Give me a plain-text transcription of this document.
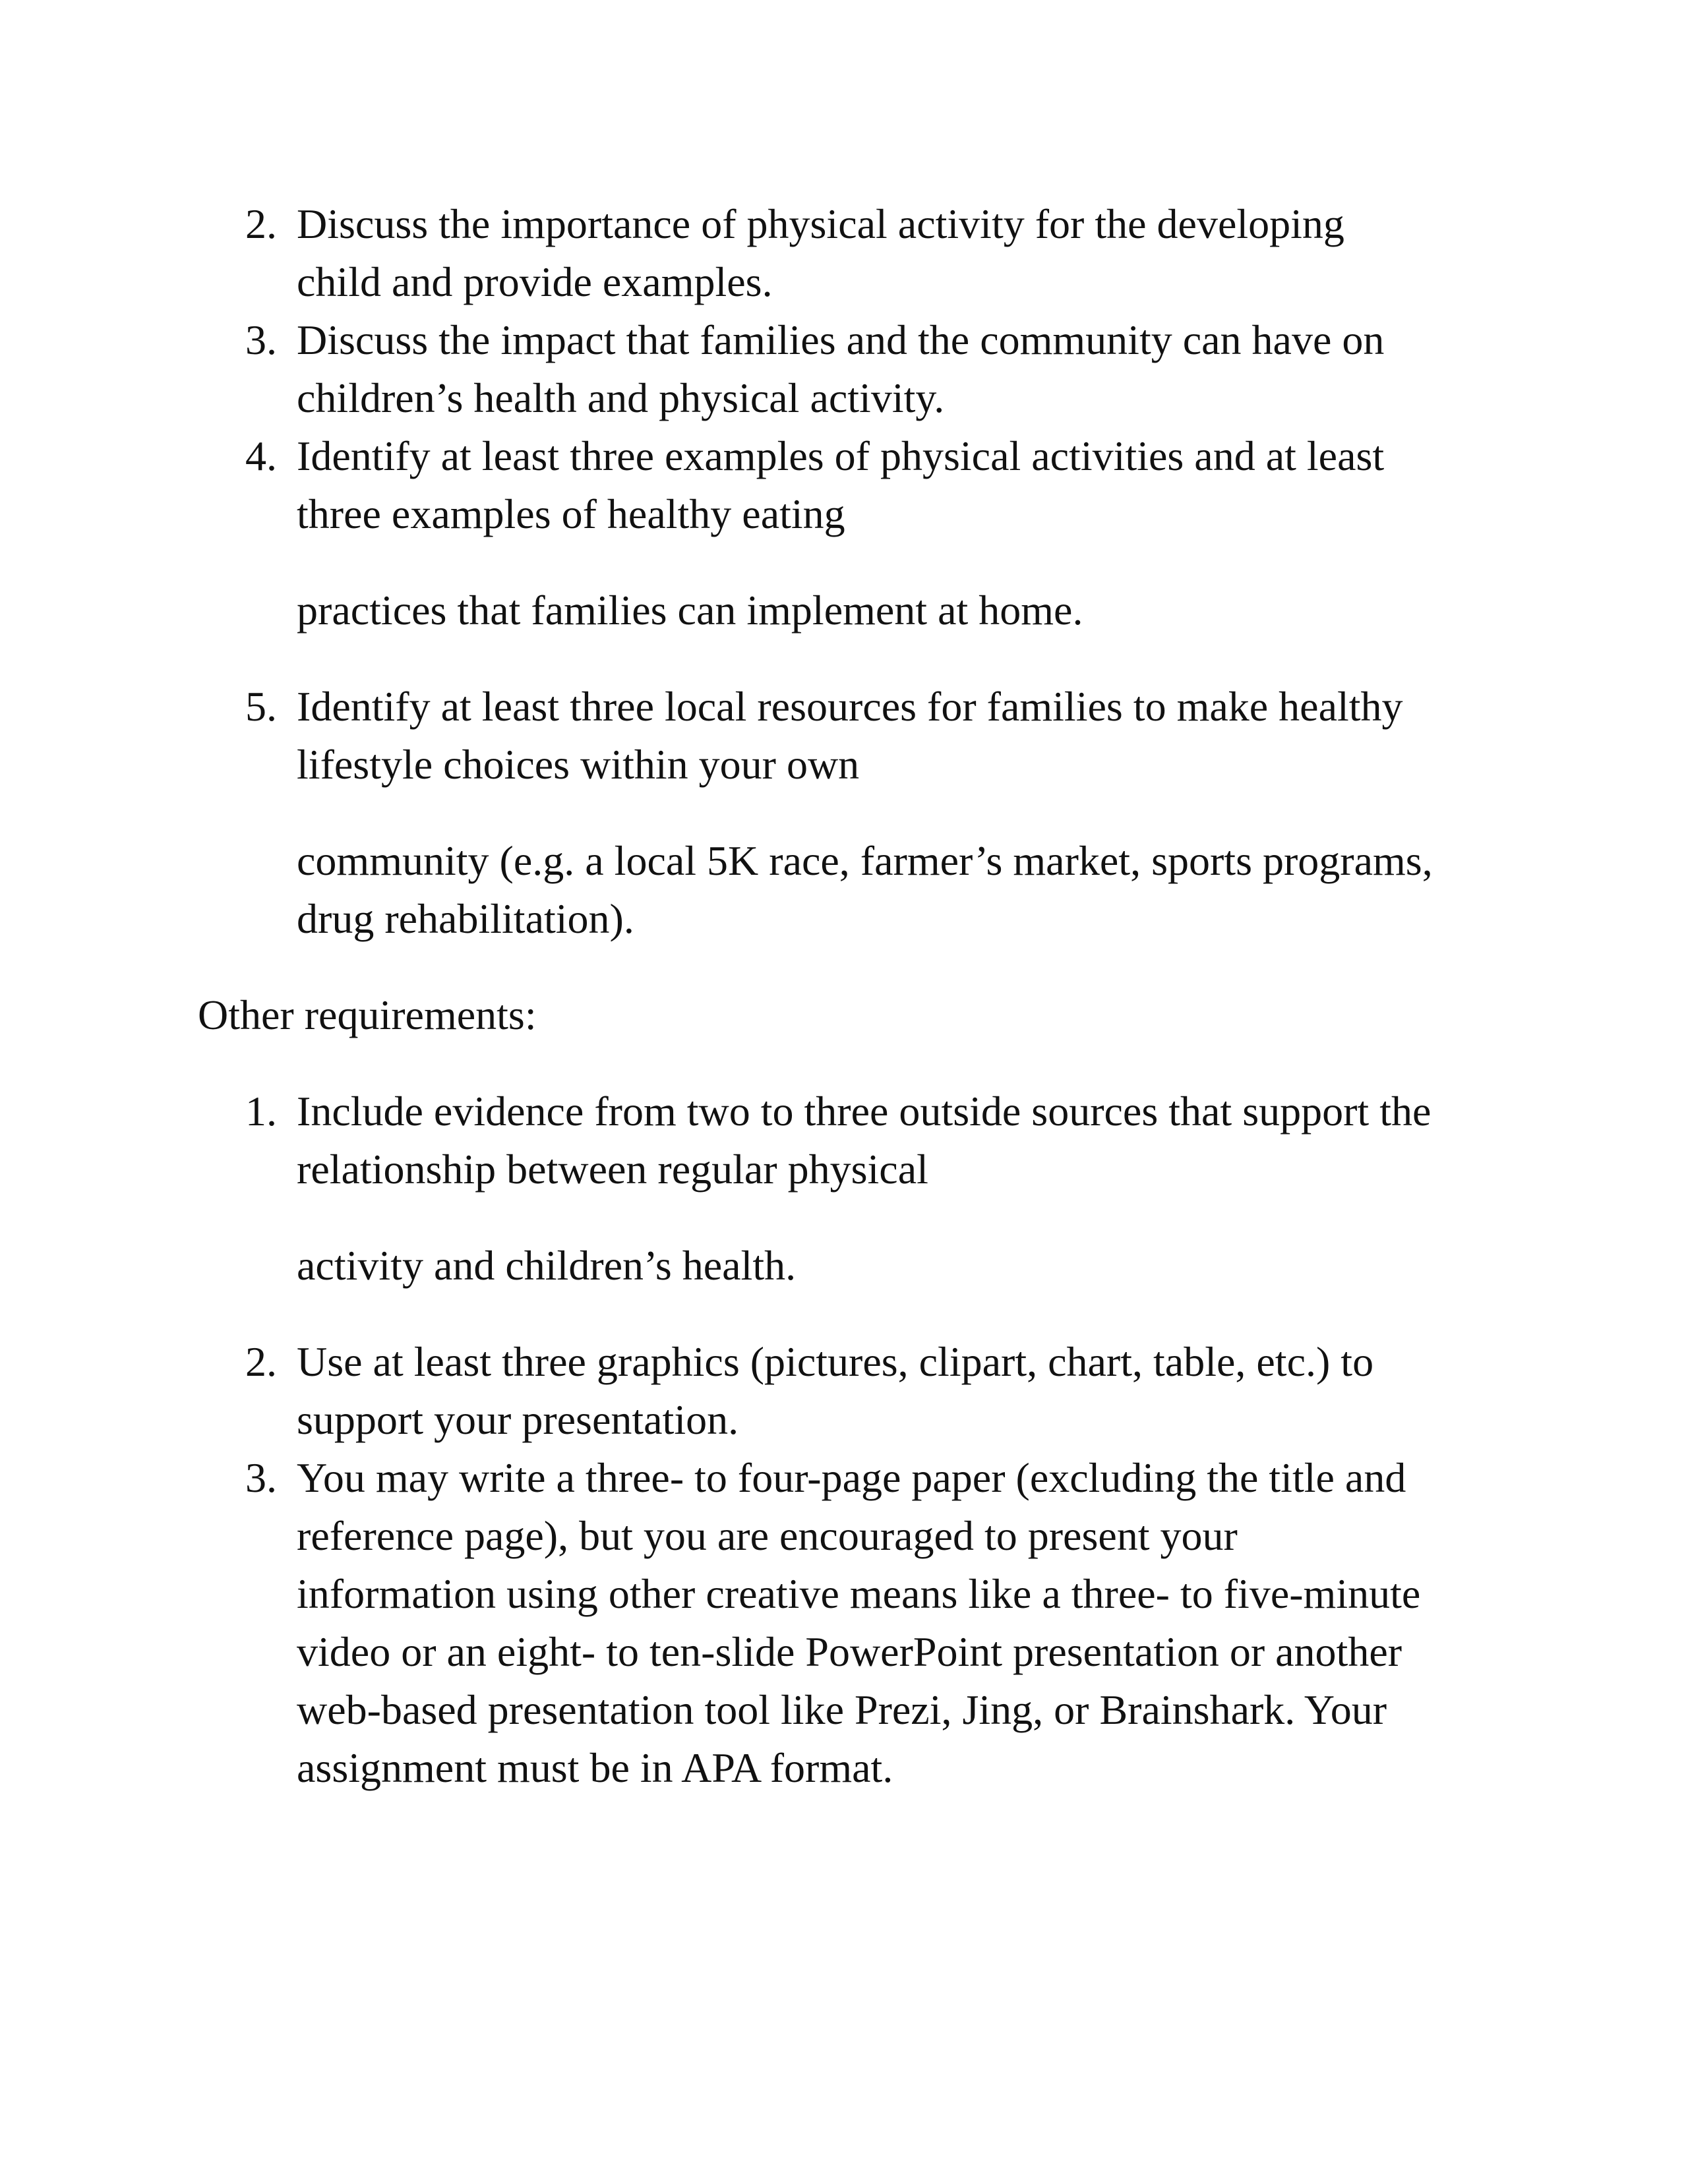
2. Discuss the importance of physical activity for the developing
child and provide examples.
3. Discuss the impact that families and the community can have on
children’s health and physical activity.
4. Identify at least three examples of physical activities and at least
three examples of healthy eating
practices that families can implement at home.
5. Identify at least three local resources for families to make healthy
lifestyle choices within your own
community (e.g. a local 5K race, farmer’s market, sports programs,
drug rehabilitation).
Other requirements:
1. Include evidence from two to three outside sources that support the
relationship between regular physical
activity and children’s health.
2. Use at least three graphics (pictures, clipart, chart, table, etc.) to
support your presentation.
3. You may write a three- to four-page paper (excluding the title and
reference page), but you are encouraged to present your
information using other creative means like a three- to five-minute
video or an eight- to ten-slide PowerPoint presentation or another
web-based presentation tool like Prezi, Jing, or Brainshark. Your
assignment must be in APA format.
